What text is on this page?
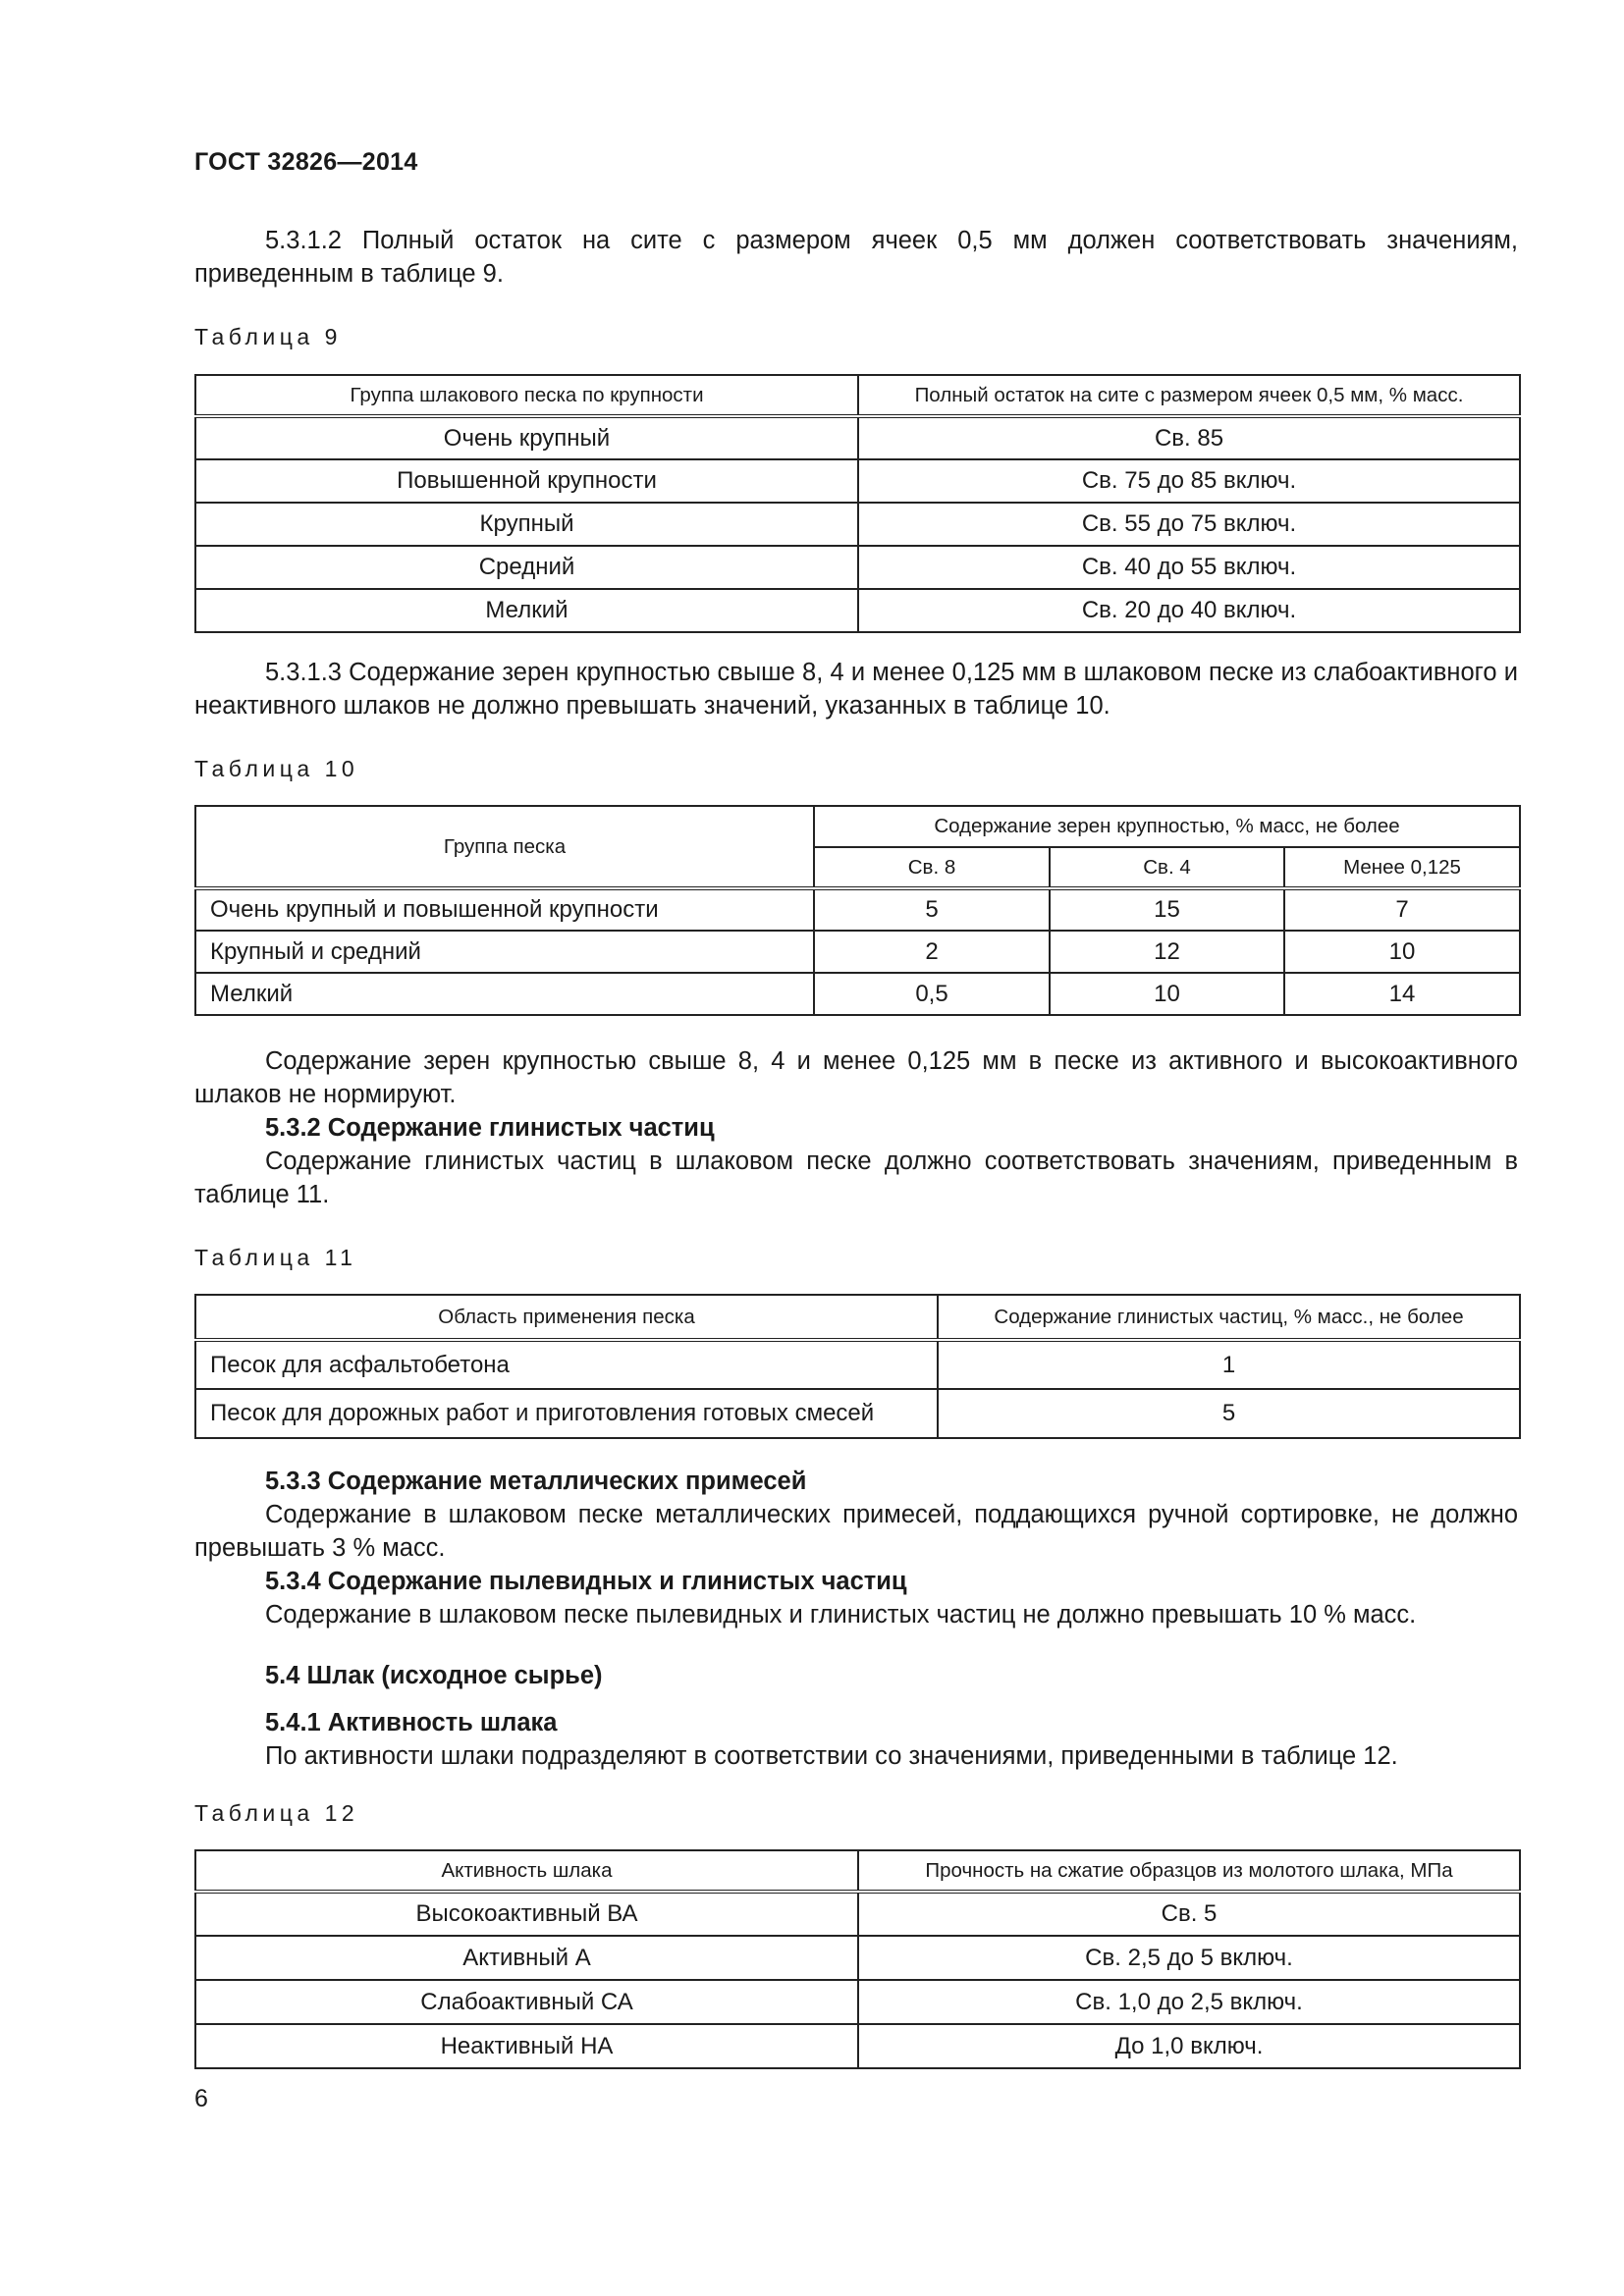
ГОСТ 32826—2014
5.3.1.2 Полный остаток на сите с размером ячеек 0,5 мм должен соответствовать значениям, приведенным в таблице 9.
Таблица 9
Группа шлакового песка по крупности	Полный остаток на сите с размером ячеек 0,5 мм, % масс.
Очень крупный	Св. 85
Повышенной крупности	Св. 75 до 85 включ.
Крупный	Св. 55 до 75 включ.
Средний	Св. 40 до 55 включ.
Мелкий	Св. 20 до 40 включ.
5.3.1.3 Содержание зерен крупностью свыше 8, 4 и менее 0,125 мм в шлаковом песке из слабоактивного и неактивного шлаков не должно превышать значений, указанных в таблице 10.
Таблица 10
Группа песка	Содержание зерен крупностью, % масс, не более		
	Св. 8	Св. 4	Менее 0,125
Очень крупный и повышенной крупности	5	15	7
Крупный и средний	2	12	10
Мелкий	0,5	10	14
Содержание зерен крупностью свыше 8, 4 и менее 0,125 мм в песке из активного и высокоактивного шлаков не нормируют.
5.3.2 Содержание глинистых частиц
Содержание глинистых частиц в шлаковом песке должно соответствовать значениям, приведенным в таблице 11.
Таблица 11
Область применения песка	Содержание глинистых частиц, % масс., не более
Песок для асфальтобетона	1
Песок для дорожных работ и приготовления готовых смесей	5
5.3.3 Содержание металлических примесей
Содержание в шлаковом песке металлических примесей, поддающихся ручной сортировке, не должно превышать 3 % масс.
5.3.4 Содержание пылевидных и глинистых частиц
Содержание в шлаковом песке пылевидных и глинистых частиц не должно превышать 10 % масс.
5.4 Шлак (исходное сырье)
5.4.1 Активность шлака
По активности шлаки подразделяют в соответствии со значениями, приведенными в таблице 12.
Таблица 12
Активность шлака	Прочность на сжатие образцов из молотого шлака, МПа
Высокоактивный ВА	Св. 5
Активный А	Св. 2,5 до 5 включ.
Слабоактивный СА	Св. 1,0 до 2,5 включ.
Неактивный НА	До 1,0 включ.
6
